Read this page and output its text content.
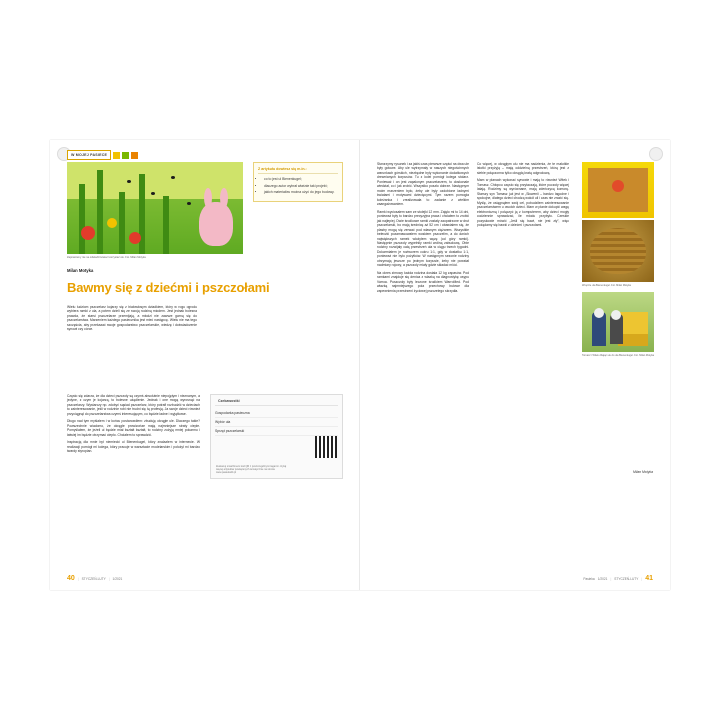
W MOJEJ PASIECE
Zapraszamy nie na odwiedzinowiec korzystać ule. Fot. Milan Motyka
Milan Motyka
Bawmy się z dziećmi i pszczołami
Z artykułu dowiesz się m.in.:
• co to jest ul Bienenkugel;
• dlaczego autor wybrał właśnie taki projekt;
• jakich materiałów można użyć do jego budowy.

Wielu ludziom pszczelarz kojarzy się z białowłosym dziadkiem, który w rogu ogrodu wybiera ramki z ula, a potem dzieli się ze swoją rodziną miodem. Jest jednak bolesna prawda, że starsi pszczelarze przemijają, a młodzi nie zawsze garną się do pszczelarstwa. Marzeniem każdego pasiecznika jest mieć następcę. Wielu nie ma tego szczęścia, aby przekazać swoje gospodarstwo pszczelarskie, wiedzę i doświadczenie synowi czy córce.

Często się zdarza, że dla dzieci pszczoły są czymś absolutnie niepojętym i nieznanym, a jedyne, z czym je kojarzą, to bolesne użądlenie. Jednak i one mogą wyrosnąć na pszczelarzy. Wystarczy np. zdobyć sąsiad pszczelarz, który potrafi rozbudzić w dzieciach to zainteresowanie, jeśli w rodzinie robi nie trudni się tą profesją. Ja swoje dzieci również przyciągnął do pszczelarstwa czymś interesującym, co będzie ładne i wyjątkowe.

Długo nad tym myślałem i w końcu postanowiłem: zbuduję okrągłe ule. Dlaczego takie? Powszechnie wiadomo, że okrągłe prowizoriae mają najmniejsze straty ciepłe. Pomyślałem, że jeżeli ul będzie miał kształt kształt, to rodziny zużyją mniej pokarmu i łatwiej im będzie otrzymać ciepło. Chciałem to sprawdzić.

Inspiracją dla mnie był niemiecki ul Bienenkugel, który znalazłem w internecie. W realizacji pomógł mi kolega, który pracuje w warsztacie modelarskim i położył mi bardzo twardy styropian.

Czekawostki
Gospodarka pasieczna
Wybór ula
Sprzęt pszczelarski
Zeskanuj smartfonem kod QR z poszczególnymi tagami i czytaj więcej artykułów powiązanych tematycznie na stronie www.pasieka24.pl
40 | STYCZEŃ-LUTY | 1/2021

Stworzymy rysunek i za jakiś czas pierwsze części na dwa ule były gotowe. Aby ule wytrzymały w naszych niegościnnych warunkach górskich, niezbędne były wykonanie dodatkowych drewnianych korpusów. Tu z kolei pomógł kolega stolarz. Poniewaź i on jest zapalonym pszczelarzem, to doskonale wiedział, co i jak zrobić. Wszystko poszło dobrze. Następnym moim marzeniem było, żeby ule były ozdobione ładnymi kwiatami i motywami dziecięcymi. Tym razem pomogła koleżanka i zrealizowała to zadanie z wielkim zaangażowaniem.

Ramki wyciosałem sam ze stolejki 12 mm. Zajęło mi to 14 dni, poniewaź były to bardzo precyzyjna praca i chciałem to zrobić jak najlepiej. Dwie środkowe ramki zostały zaopatrzone w drut pszczelarski, bo mają średnicę aż 52 cm i obawiałem się, że plastry mogą się zerwać pod własnym ciężarem. Wszystkie bełeczki pozamawowałem woskiem pszczelim, a do dwóch największych ramek włożyłem węzę (od góry ramki). Następnie pszczoły wypełniły ramki woliną zabudową. Obie rodziny rozwijały całą przestrzeń ula w ciągu trzech tygodni. Dokarmiałem je roztworem cukru 1:1, gdy w dostatku 1:1, poniewaź nie było pożytków. W następnym sezonie rodziny otrzymają jeszcze po jednym korpusie, żeby nie powstał nadmiary rojowy, a pszczoły miały gdzie składać miód.

Na okres zimowy każda rodzina dostała 12 kg zapasów. Pod ramkami znajduje się denica z włazką na diagnostykę osypu Varroa. Puszczoły były leczone środkiem WarroMed. Pod włazką najmniejszego pola przechowy bułowe dla zapewnienia przestrzeni życiowej pszczelego skrzydła.

Co więcej, w okrągłym ulu nie ma nadzienia, że te małutkie istotki przyżyją – mają oddzielną przestrzeń, którą jest z siebie połączonna tylko okrągłą kratą odgrodową.

Mam w planach wykonać synowie i mają to również Witek i Tomasz. Chłopcu często się przytaczają, które puczoły więcej latają. Rodzimy są wyrównane, mają zdeńczycą komorę. Starszy syn Tomasz już jest w „Słowenii – bardzo łagodne i spokojne, dlatego dzieci chodzą wokół uli i czas nie zrazić się. Myślę, że osiągnąłem swój cel, pobudziłem zainteresowanie pszczelarstwem u owoich dzieci. Mam w planie dokupić wagę elektroniczną i połączyć ją z komputerem, aby dzieci mogły codziennie sprawdzać, ile miodu przybyło. Czeskie pozyskowie mówić „Jeśli się bawi, nie jest zły”, więc pożądamy się bawić z dziećmi i pszczołami.

Wnętrze ula Bienenkugel. Fot. Milan Motyka
Tomasz i Witek dbając ule do ula Bienenkugel. Fot. Milan Motyka
Milan Motyka
Pasieka 1/2021 | STYCZEŃ-LUTY | 41
